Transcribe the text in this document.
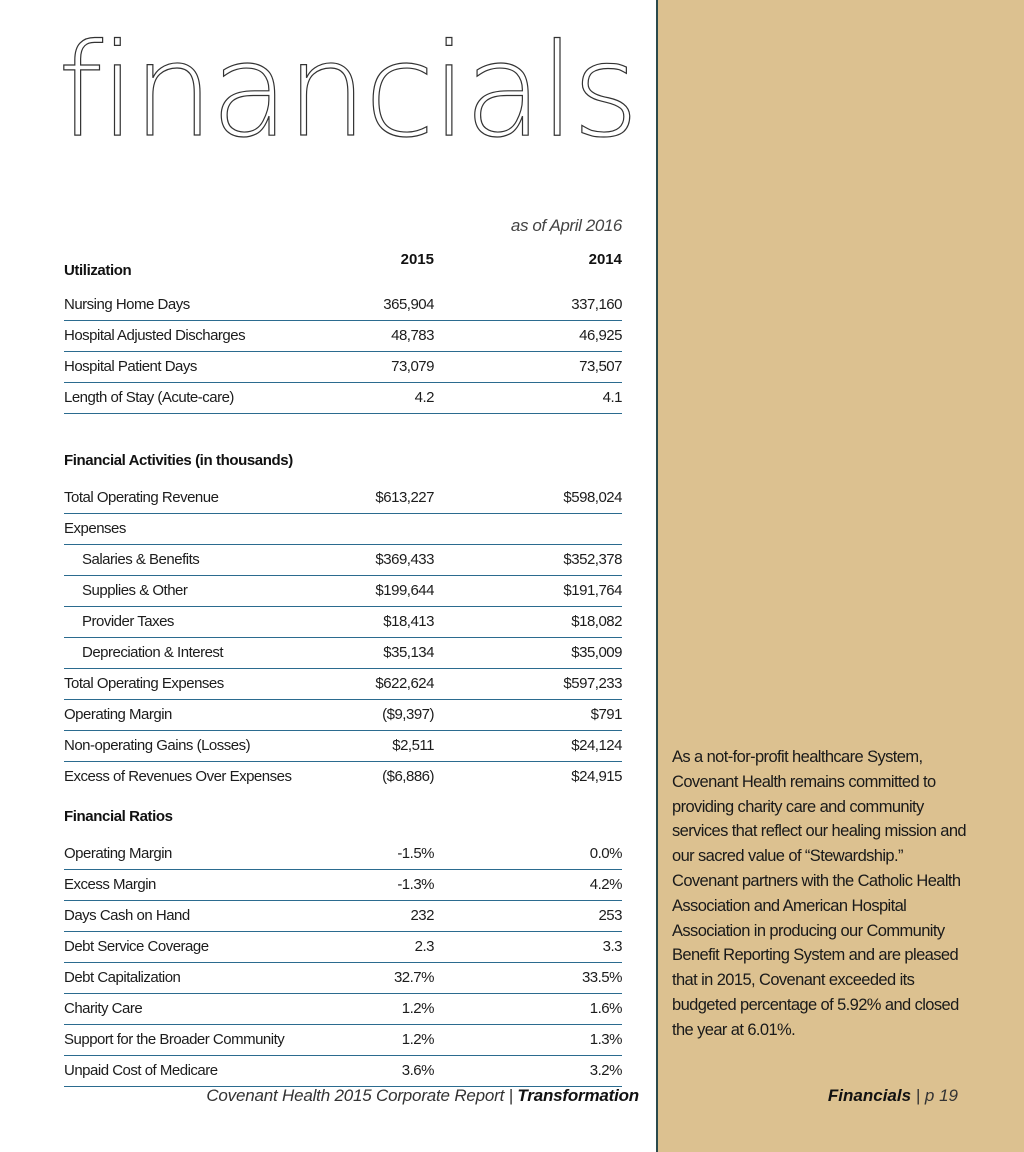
financials
as of April 2016
2015	2014
Utilization
Nursing Home Days	365,904	337,160
Hospital Adjusted Discharges	48,783	46,925
Hospital Patient Days	73,079	73,507
Length of Stay (Acute-care)	4.2	4.1
Financial Activities (in thousands)
Total Operating Revenue	$613,227	$598,024
Expenses
Salaries & Benefits	$369,433	$352,378
Supplies & Other	$199,644	$191,764
Provider Taxes	$18,413	$18,082
Depreciation & Interest	$35,134	$35,009
Total Operating Expenses	$622,624	$597,233
Operating Margin	($9,397)	$791
Non-operating Gains (Losses)	$2,511	$24,124
Excess of Revenues Over Expenses	($6,886)	$24,915
Financial Ratios
Operating Margin	-1.5%	0.0%
Excess Margin	-1.3%	4.2%
Days Cash on Hand	232	253
Debt Service Coverage	2.3	3.3
Debt Capitalization	32.7%	33.5%
Charity Care	1.2%	1.6%
Support for the Broader Community	1.2%	1.3%
Unpaid Cost of Medicare	3.6%	3.2%
As a not-for-profit healthcare System, Covenant Health remains committed to providing charity care and community services that reflect our healing mission and our sacred value of “Stewardship.” Covenant partners with the Catholic Health Association and American Hospital Association in producing our Community Benefit Reporting System and are pleased that in 2015, Covenant exceeded its budgeted percentage of 5.92% and closed the year at 6.01%.
Covenant Health 2015 Corporate Report | Transformation	Financials | p 19
